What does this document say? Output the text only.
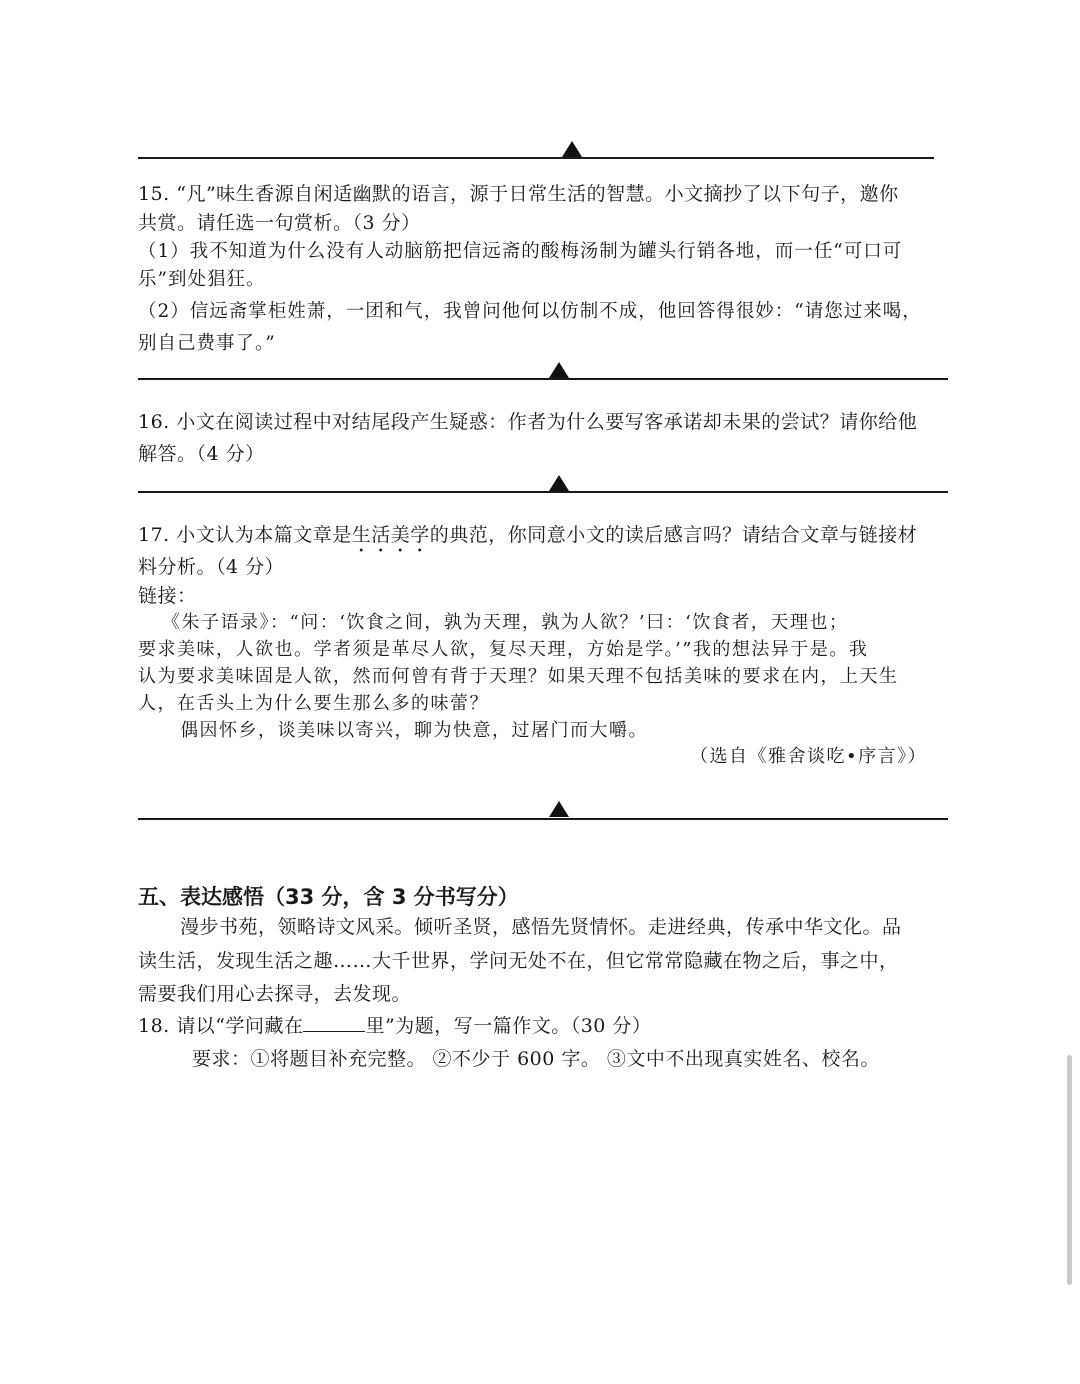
15. “凡”味生香源自闲适幽默的语言，源于日常生活的智慧。小文摘抄了以下句子，邀你
共赏。请任选一句赏析。（3 分）
（1）我不知道为什么没有人动脑筋把信远斋的酸梅汤制为罐头行销各地，而一任“可口可
乐”到处猖狂。
（2）信远斋掌柜姓萧，一团和气，我曾问他何以仿制不成，他回答得很妙：“请您过来喝，
别自己费事了。”
16. 小文在阅读过程中对结尾段产生疑惑：作者为什么要写客承诺却未果的尝试？请你给他
解答。（4 分）
17. 小文认为本篇文章是生活美学的典范，你同意小文的读后感言吗？请结合文章与链接材
料分析。（4 分）
链接：
《朱子语录》：“问：‘饮食之间，孰为天理，孰为人欲？’曰：‘饮食者，天理也；
要求美味，人欲也。学者须是革尽人欲，复尽天理，方始是学。’”我的想法异于是。我
认为要求美味固是人欲，然而何曾有背于天理？如果天理不包括美味的要求在内，上天生
人，在舌头上为什么要生那么多的味蕾？
偶因怀乡，谈美味以寄兴，聊为快意，过屠门而大嚼。
（选自《雅舍谈吃•序言》）
五、表达感悟（33 分，含 3 分书写分）
漫步书苑，领略诗文风采。倾听圣贤，感悟先贤情怀。走进经典，传承中华文化。品
读生活，发现生活之趣……大千世界，学问无处不在，但它常常隐藏在物之后，事之中，
需要我们用心去探寻，去发现。
18. 请以“学问藏在	里”为题，写一篇作文。（30 分）
要求：①将题目补充完整。 ②不少于 600 字。 ③文中不出现真实姓名、校名。
